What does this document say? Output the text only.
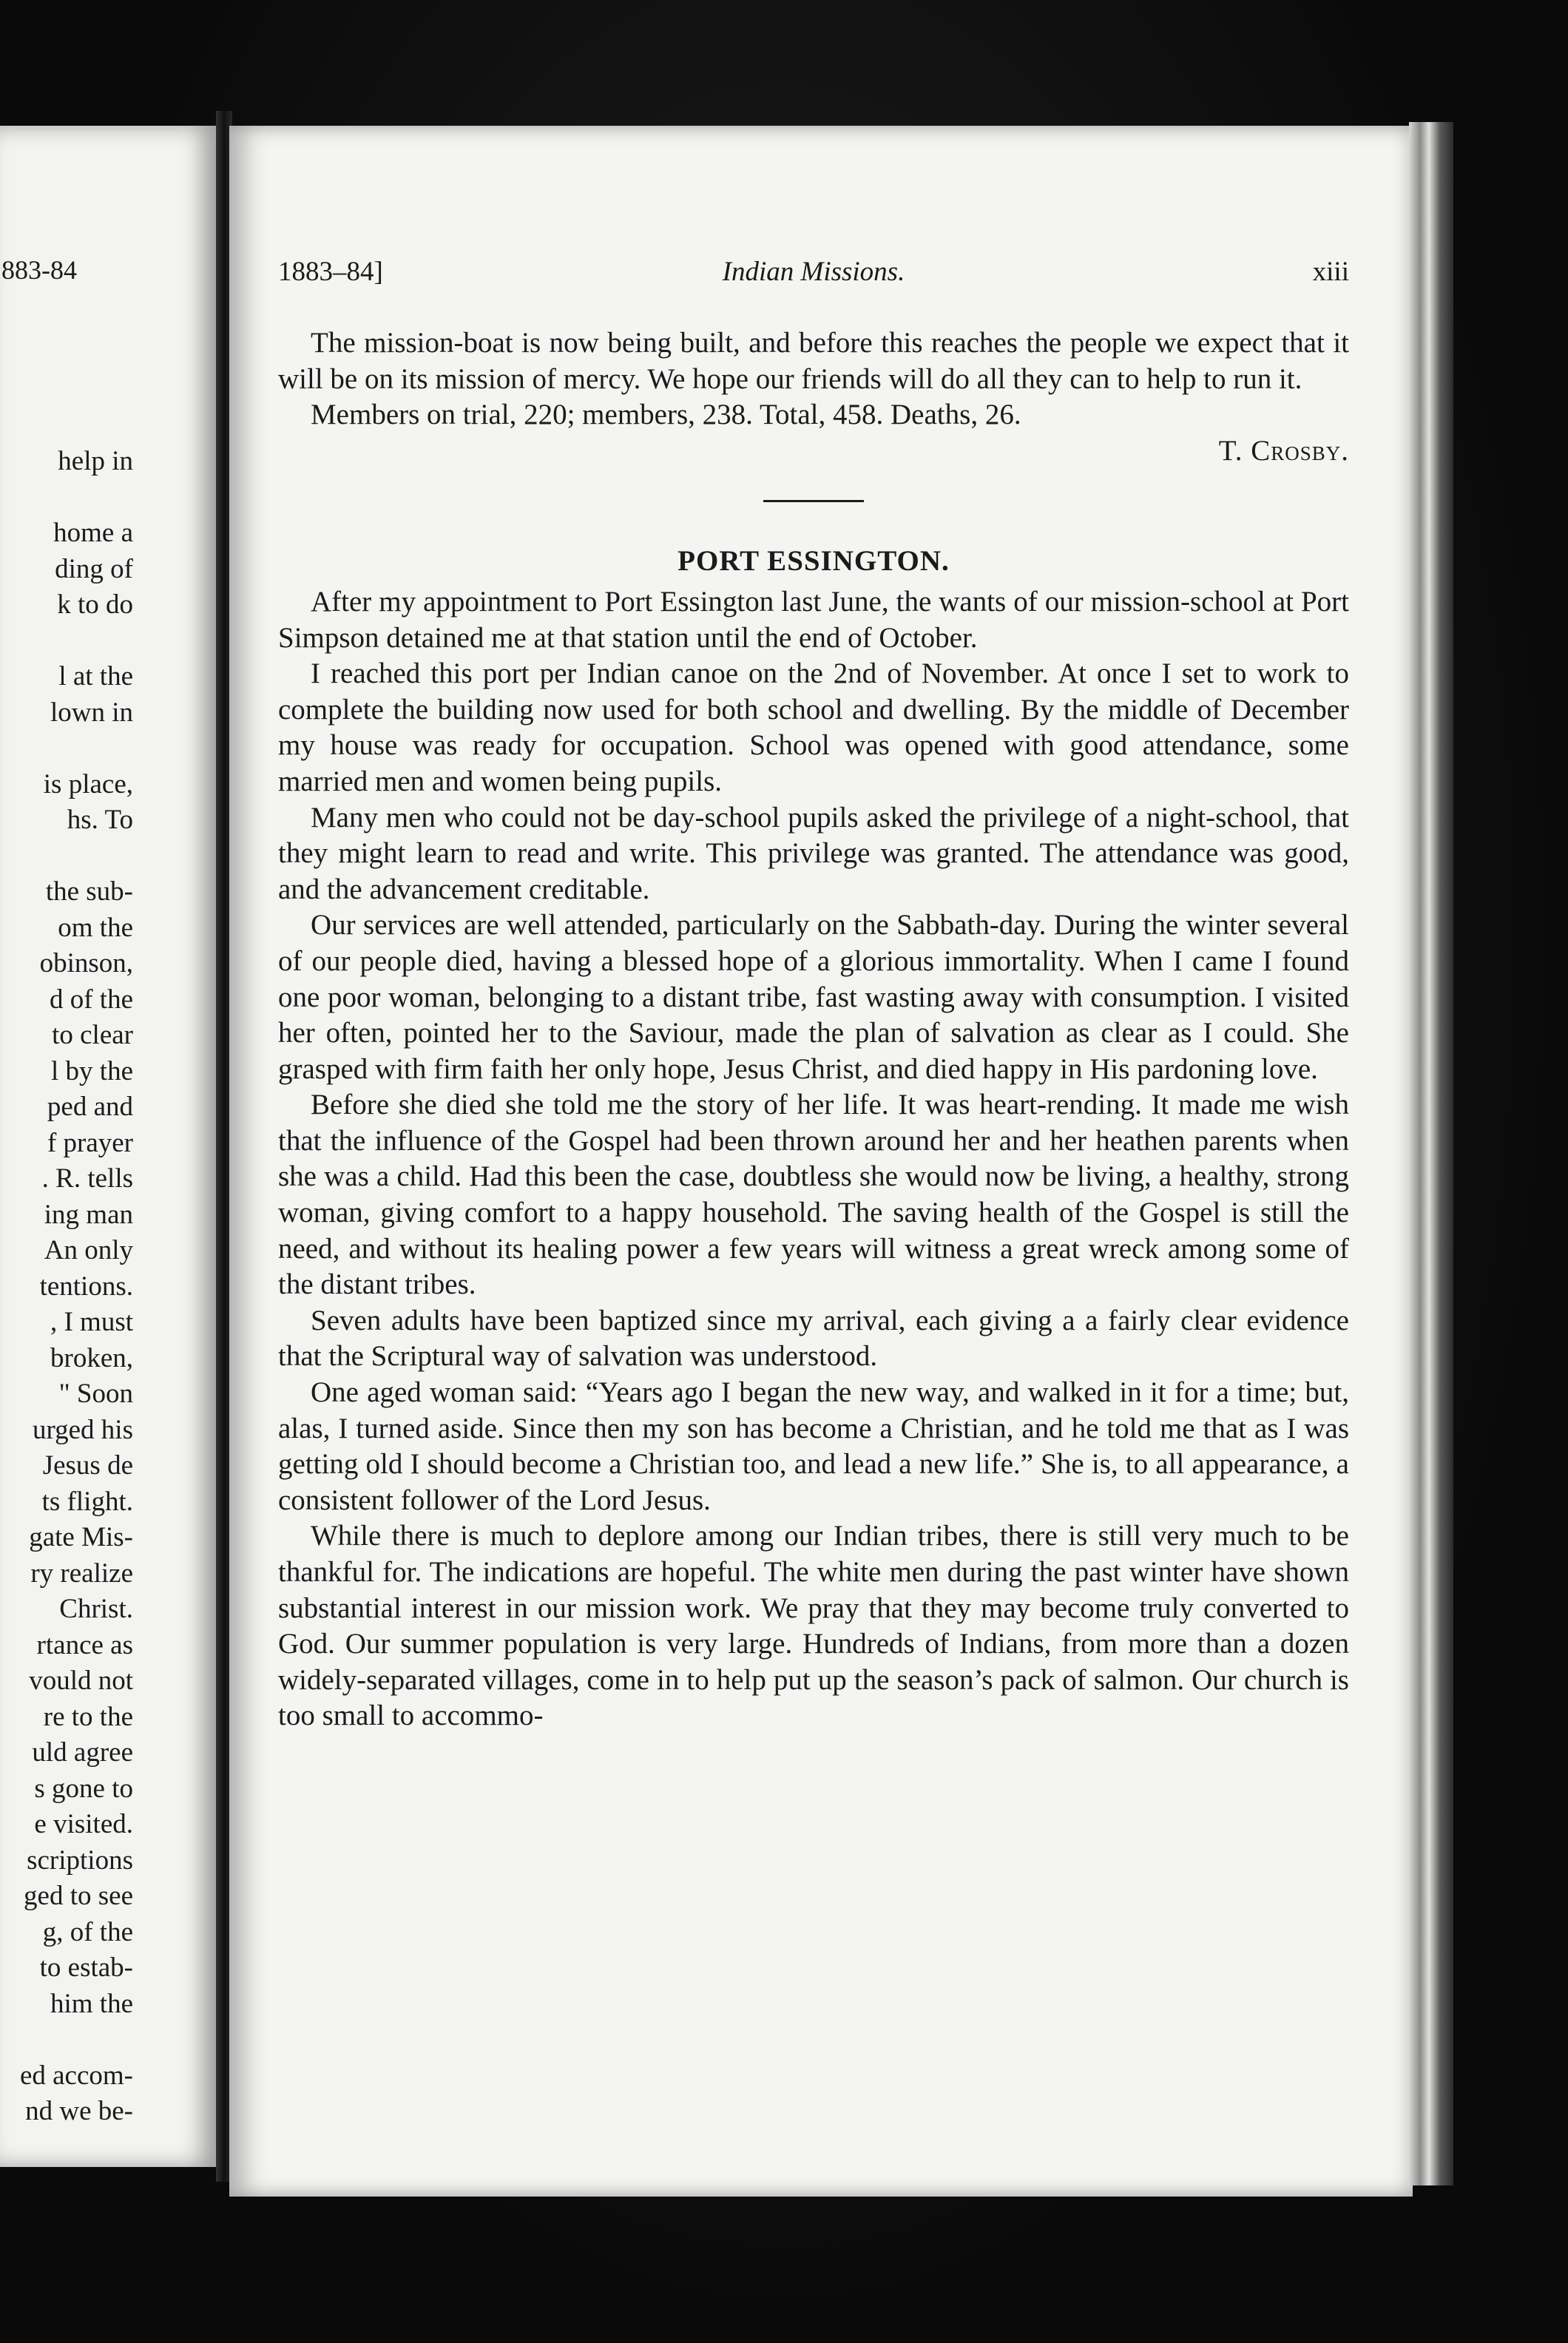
883-84
help in
home a
ding of
k to do
l at the
lown in
is place,
hs. To
the sub-
om the
obinson,
d of the
to clear
l by the
ped and
f prayer
. R. tells
ing man
An only
tentions.
, I must
broken,
" Soon
urged his
Jesus de
ts flight.
gate Mis-
ry realize
Christ.
rtance as
vould not
re to the
uld agree
s gone to
e visited.
scriptions
ged to see
g, of the
to estab-
him the
ed accom-
nd we be-
1883–84]	Indian Missions.	xiii

The mission-boat is now being built, and before this reaches the people we expect that it will be on its mission of mercy. We hope our friends will do all they can to help to run it.

Members on trial, 220; members, 238. Total, 458. Deaths, 26.

T. Crosby.

PORT ESSINGTON.

After my appointment to Port Essington last June, the wants of our mission-school at Port Simpson detained me at that station until the end of October.

I reached this port per Indian canoe on the 2nd of November. At once I set to work to complete the building now used for both school and dwelling. By the middle of December my house was ready for occupation. School was opened with good attendance, some married men and women being pupils.

Many men who could not be day-school pupils asked the privilege of a night-school, that they might learn to read and write. This privilege was granted. The attendance was good, and the advancement creditable.

Our services are well attended, particularly on the Sabbath-day. During the winter several of our people died, having a blessed hope of a glorious immortality. When I came I found one poor woman, belonging to a distant tribe, fast wasting away with consumption. I visited her often, pointed her to the Saviour, made the plan of salvation as clear as I could. She grasped with firm faith her only hope, Jesus Christ, and died happy in His pardoning love.

Before she died she told me the story of her life. It was heart-rending. It made me wish that the influence of the Gospel had been thrown around her and her heathen parents when she was a child. Had this been the case, doubtless she would now be living, a healthy, strong woman, giving comfort to a happy household. The saving health of the Gospel is still the need, and without its healing power a few years will witness a great wreck among some of the distant tribes.

Seven adults have been baptized since my arrival, each giving a a fairly clear evidence that the Scriptural way of salvation was understood.

One aged woman said: “Years ago I began the new way, and walked in it for a time; but, alas, I turned aside. Since then my son has become a Christian, and he told me that as I was getting old I should become a Christian too, and lead a new life.” She is, to all appearance, a consistent follower of the Lord Jesus.

While there is much to deplore among our Indian tribes, there is still very much to be thankful for. The indications are hopeful. The white men during the past winter have shown substantial interest in our mission work. We pray that they may become truly converted to God. Our summer population is very large. Hundreds of Indians, from more than a dozen widely-separated villages, come in to help put up the season’s pack of salmon. Our church is too small to accommo-
